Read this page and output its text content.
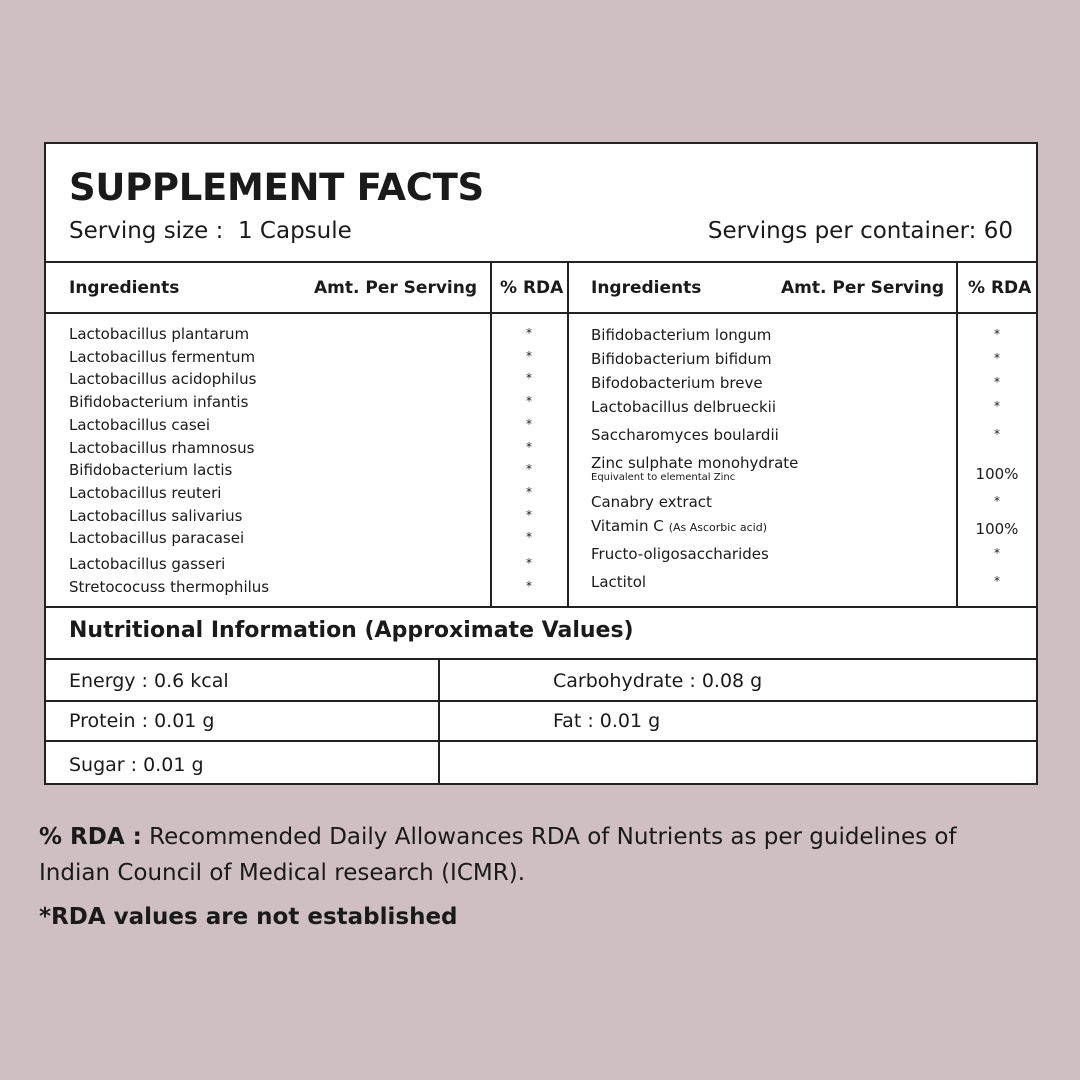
SUPPLEMENT FACTS
Serving size :  1 Capsule	Servings per container: 60
Ingredients	Amt. Per Serving % RDA Ingredients	Amt. Per Serving % RDA
Lactobacillus plantarum	*
Lactobacillus fermentum	*
Lactobacillus acidophilus	*
Bifidobacterium infantis	*
Lactobacillus casei	*
Lactobacillus rhamnosus	*
Bifidobacterium lactis	*
Lactobacillus reuteri	*
Lactobacillus salivarius	*
Lactobacillus paracasei	*
Lactobacillus gasseri	*
Stretococuss thermophilus	*
Bifidobacterium longum	*
Bifidobacterium bifidum	*
Bifodobacterium breve	*
Lactobacillus delbrueckii	*
Saccharomyces boulardii	*
Zinc sulphate monohydrate
Equivalent to elemental Zinc	100%
Canabry extract	*
Vitamin C (As Ascorbic acid)	100%
Fructo-oligosaccharides	*
Lactitol	*
Nutritional Information (Approximate Values)
Energy : 0.6 kcal	Carbohydrate : 0.08 g
Protein : 0.01 g	Fat : 0.01 g
Sugar : 0.01 g
% RDA : Recommended Daily Allowances RDA of Nutrients as per guidelines of
Indian Council of Medical research (ICMR).
*RDA values are not established
